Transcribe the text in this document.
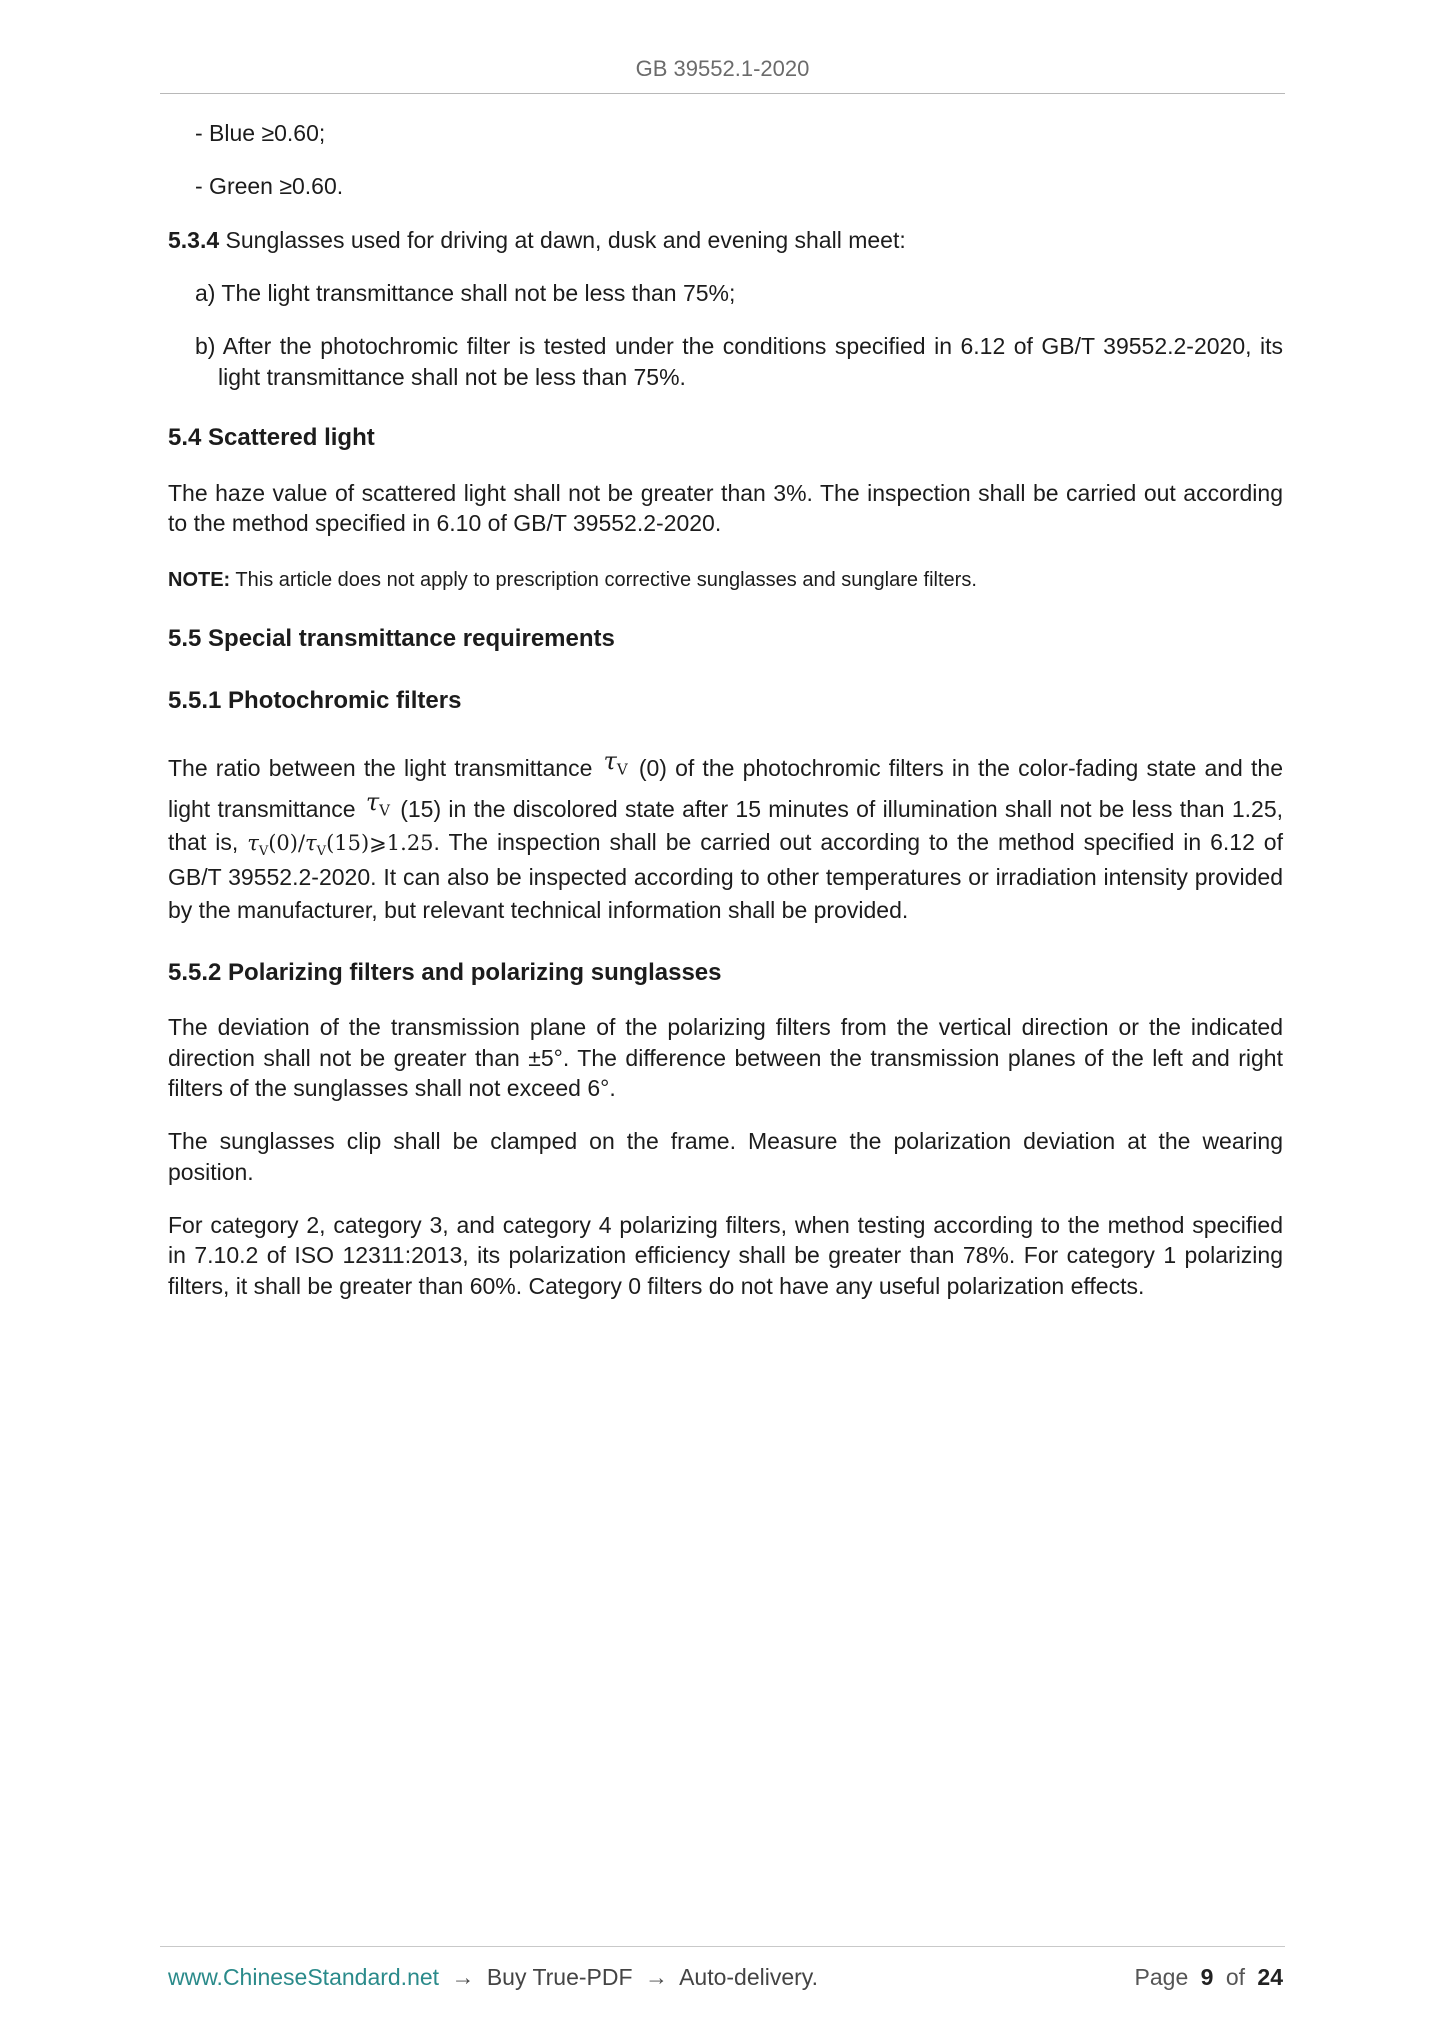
GB 39552.1-2020

- Blue ≥0.60;

- Green ≥0.60.

5.3.4 Sunglasses used for driving at dawn, dusk and evening shall meet:

a) The light transmittance shall not be less than 75%;

b) After the photochromic filter is tested under the conditions specified in 6.12 of GB/T 39552.2-2020, its light transmittance shall not be less than 75%.

5.4 Scattered light

The haze value of scattered light shall not be greater than 3%. The inspection shall be carried out according to the method specified in 6.10 of GB/T 39552.2-2020.

NOTE: This article does not apply to prescription corrective sunglasses and sunglare filters.

5.5 Special transmittance requirements

5.5.1 Photochromic filters

The ratio between the light transmittance $\tau_V$ (0) of the photochromic filters in the color-fading state and the light transmittance $\tau_V$ (15) in the discolored state after 15 minutes of illumination shall not be less than 1.25, that is, $\tau_V(0)/\tau_V(15)⩾1.25$. The inspection shall be carried out according to the method specified in 6.12 of GB/T 39552.2-2020. It can also be inspected according to other temperatures or irradiation intensity provided by the manufacturer, but relevant technical information shall be provided.

5.5.2 Polarizing filters and polarizing sunglasses

The deviation of the transmission plane of the polarizing filters from the vertical direction or the indicated direction shall not be greater than ±5°. The difference between the transmission planes of the left and right filters of the sunglasses shall not exceed 6°.

The sunglasses clip shall be clamped on the frame. Measure the polarization deviation at the wearing position.

For category 2, category 3, and category 4 polarizing filters, when testing according to the method specified in 7.10.2 of ISO 12311:2013, its polarization efficiency shall be greater than 78%. For category 1 polarizing filters, it shall be greater than 60%. Category 0 filters do not have any useful polarization effects.

www.ChineseStandard.net → Buy True-PDF → Auto-delivery.	Page 9 of 24
